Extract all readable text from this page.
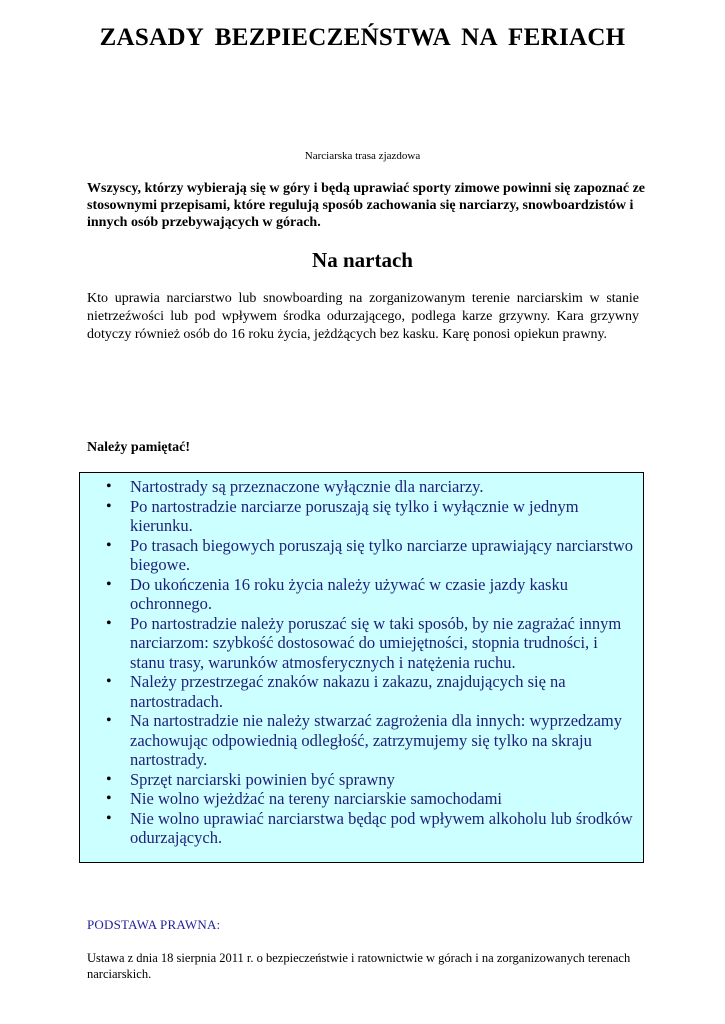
ZASADY BEZPIECZEŃSTWA NA FERIACH

Narciarska trasa zjazdowa

Wszyscy, którzy wybierają się w góry i będą uprawiać sporty zimowe powinni się zapoznać ze stosownymi przepisami, które regulują sposób zachowania się narciarzy, snowboardzistów i innych osób przebywających w górach.

Na nartach

Kto uprawia narciarstwo lub snowboarding na zorganizowanym terenie narciarskim w stanie nietrzeźwości lub pod wpływem środka odurzającego, podlega karze grzywny. Kara grzywny dotyczy również osób do 16 roku życia, jeżdżących bez kasku. Karę ponosi opiekun prawny.

Należy pamiętać!

• Nartostrady są przeznaczone wyłącznie dla narciarzy.
• Po nartostradzie narciarze poruszają się tylko i wyłącznie w jednym kierunku.
• Po trasach biegowych poruszają się tylko narciarze uprawiający narciarstwo biegowe.
• Do ukończenia 16 roku życia należy używać w czasie jazdy kasku ochronnego.
• Po nartostradzie należy poruszać się w taki sposób, by nie zagrażać innym narciarzom: szybkość dostosować do umiejętności, stopnia trudności, i stanu trasy, warunków atmosferycznych i natężenia ruchu.
• Należy przestrzegać znaków nakazu i zakazu, znajdujących się na nartostradach.
• Na nartostradzie nie należy stwarzać zagrożenia dla innych: wyprzedzamy zachowując odpowiednią odległość, zatrzymujemy się tylko na skraju nartostrady.
• Sprzęt narciarski powinien być sprawny
• Nie wolno wjeżdżać na tereny narciarskie samochodami
• Nie wolno uprawiać narciarstwa będąc pod wpływem alkoholu lub środków odurzających.

PODSTAWA PRAWNA:

Ustawa z dnia 18 sierpnia 2011 r. o bezpieczeństwie i ratownictwie w górach i na zorganizowanych terenach narciarskich.
